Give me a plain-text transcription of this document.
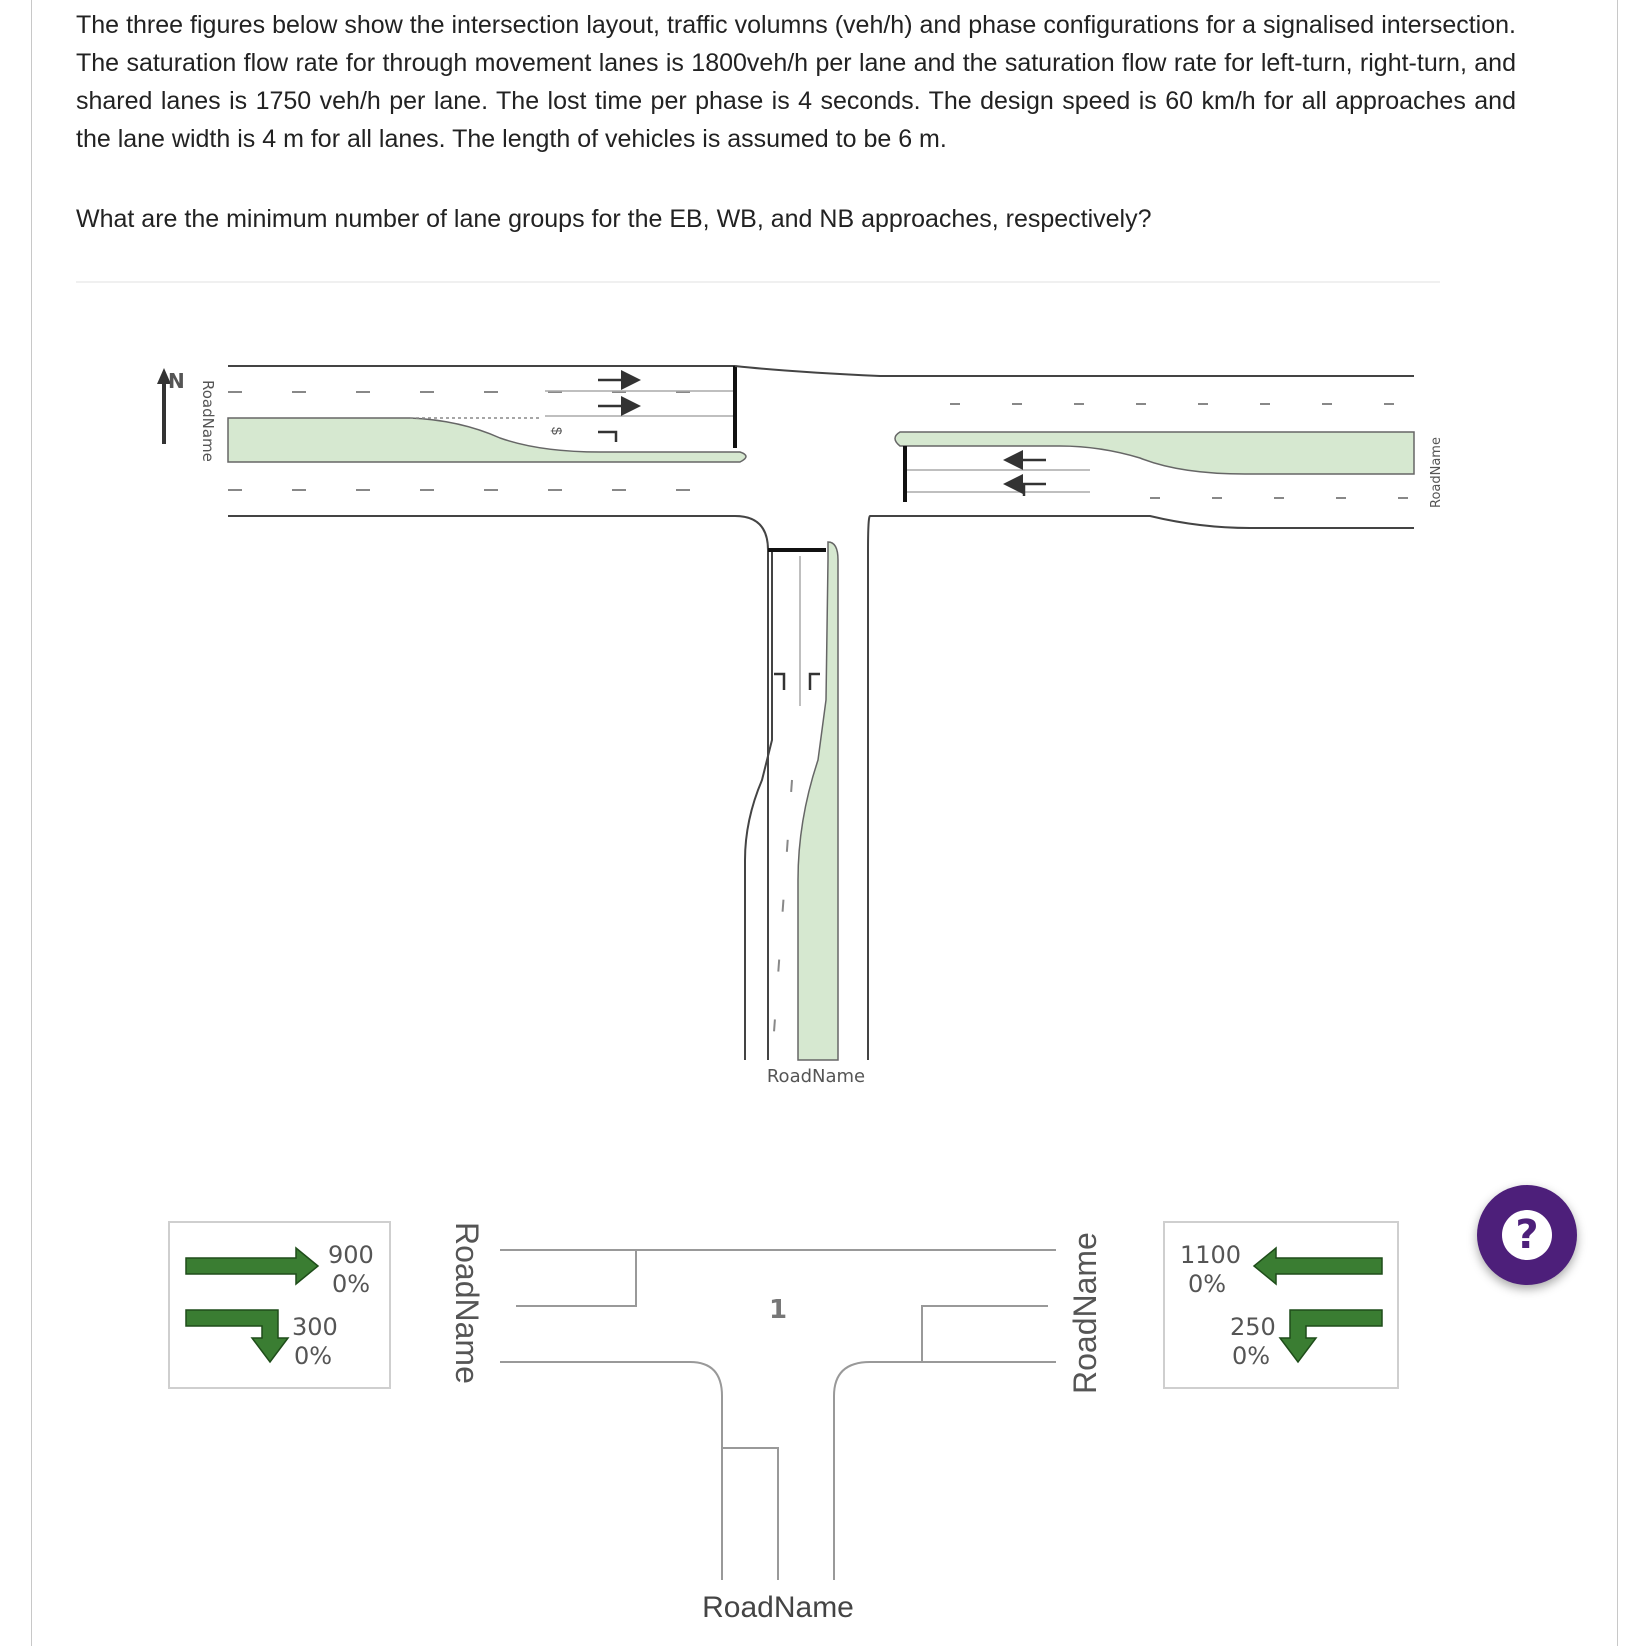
The three figures below show the intersection layout, traffic volumns (veh/h) and phase configurations for a signalised intersection. The saturation flow rate for through movement lanes is 1800veh/h per lane and the saturation flow rate for left-turn, right-turn, and shared lanes is 1750 veh/h per lane. The lost time per phase is 4 seconds. The design speed is 60 km/h for all approaches and the lane width is 4 m for all lanes. The length of vehicles is assumed to be 6 m.

What are the minimum number of lane groups for the EB, WB, and NB approaches, respectively?

N RoadName
RoadName
$
RoadName
900
0%
300
0%	RoadName	RoadName
1
RoadName
1100
0%
250
0%
?
